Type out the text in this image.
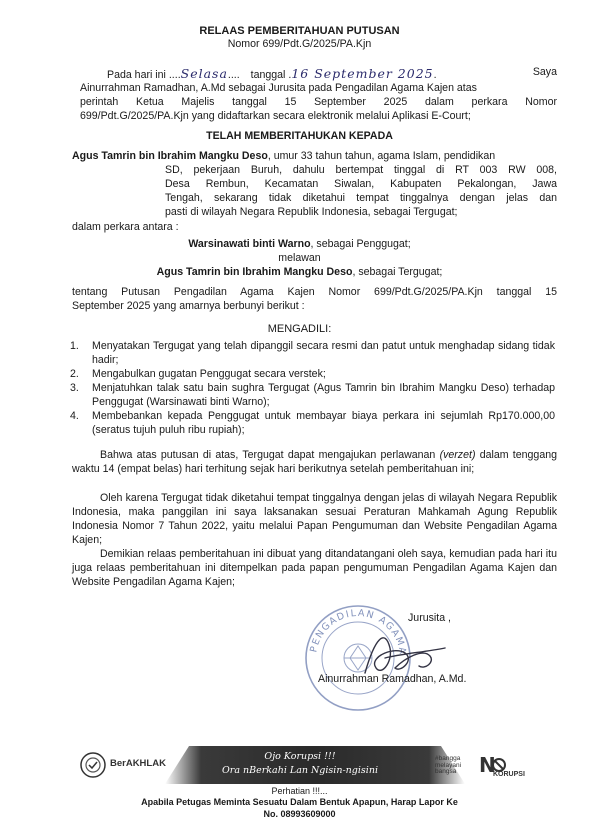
RELAAS PEMBERITAHUAN PUTUSAN
Nomor 699/Pdt.G/2025/PA.Kjn
Pada hari ini ....Selasa.... tanggal .16 September 2025.	Saya
Ainurrahman Ramadhan, A.Md sebagai Jurusita pada Pengadilan Agama Kajen atas
perintah Ketua Majelis tanggal 15 September 2025 dalam perkara Nomor
699/Pdt.G/2025/PA.Kjn yang didaftarkan secara elektronik melalui Aplikasi E-Court;
TELAH MEMBERITAHUKAN KEPADA
Agus Tamrin bin Ibrahim Mangku Deso, umur 33 tahun tahun, agama Islam, pendidikan
SD, pekerjaan Buruh, dahulu bertempat tinggal di RT 003 RW 008,
Desa Rembun, Kecamatan Siwalan, Kabupaten Pekalongan, Jawa
Tengah, sekarang tidak diketahui tempat tinggalnya dengan jelas dan
pasti di wilayah Negara Republik Indonesia, sebagai Tergugat;
dalam perkara antara :
Warsinawati binti Warno, sebagai Penggugat;
melawan
Agus Tamrin bin Ibrahim Mangku Deso, sebagai Tergugat;
tentang Putusan Pengadilan Agama Kajen Nomor 699/Pdt.G/2025/PA.Kjn tanggal 15
September 2025 yang amarnya berbunyi berikut :
MENGADILI:
1. Menyatakan Tergugat yang telah dipanggil secara resmi dan patut untuk menghadap sidang tidak hadir;
2. Mengabulkan gugatan Penggugat secara verstek;
3. Menjatuhkan talak satu bain sughra Tergugat (Agus Tamrin bin Ibrahim Mangku Deso) terhadap Penggugat (Warsinawati binti Warno);
4. Membebankan kepada Penggugat untuk membayar biaya perkara ini sejumlah Rp170.000,00 (seratus tujuh puluh ribu rupiah);
Bahwa atas putusan di atas, Tergugat dapat mengajukan perlawanan (verzet) dalam tenggang waktu 14 (empat belas) hari terhitung sejak hari berikutnya setelah pemberitahuan ini;
Oleh karena Tergugat tidak diketahui tempat tinggalnya dengan jelas di wilayah Negara Republik Indonesia, maka panggilan ini saya laksanakan sesuai Peraturan Mahkamah Agung Republik Indonesia Nomor 7 Tahun 2022, yaitu melalui Papan Pengumuman dan Website Pengadilan Agama Kajen;
Demikian relaas pemberitahuan ini dibuat yang ditandatangani oleh saya, kemudian pada hari itu juga relaas pemberitahuan ini ditempelkan pada papan pengumuman Pengadilan Agama Kajen dan Website Pengadilan Agama Kajen;
Jurusita ,
PENGADILAN AGAMA
Ainurrahman Ramadhan, A.Md.
BerAKHLAK
Ojo Korupsi !!!
Ora nBerkahi Lan Ngisin-ngisini
#bangga melayani bangsa	N
KORUPSI
Perhatian !!!...
Apabila Petugas Meminta Sesuatu Dalam Bentuk Apapun, Harap Lapor Ke
No. 08993609000
